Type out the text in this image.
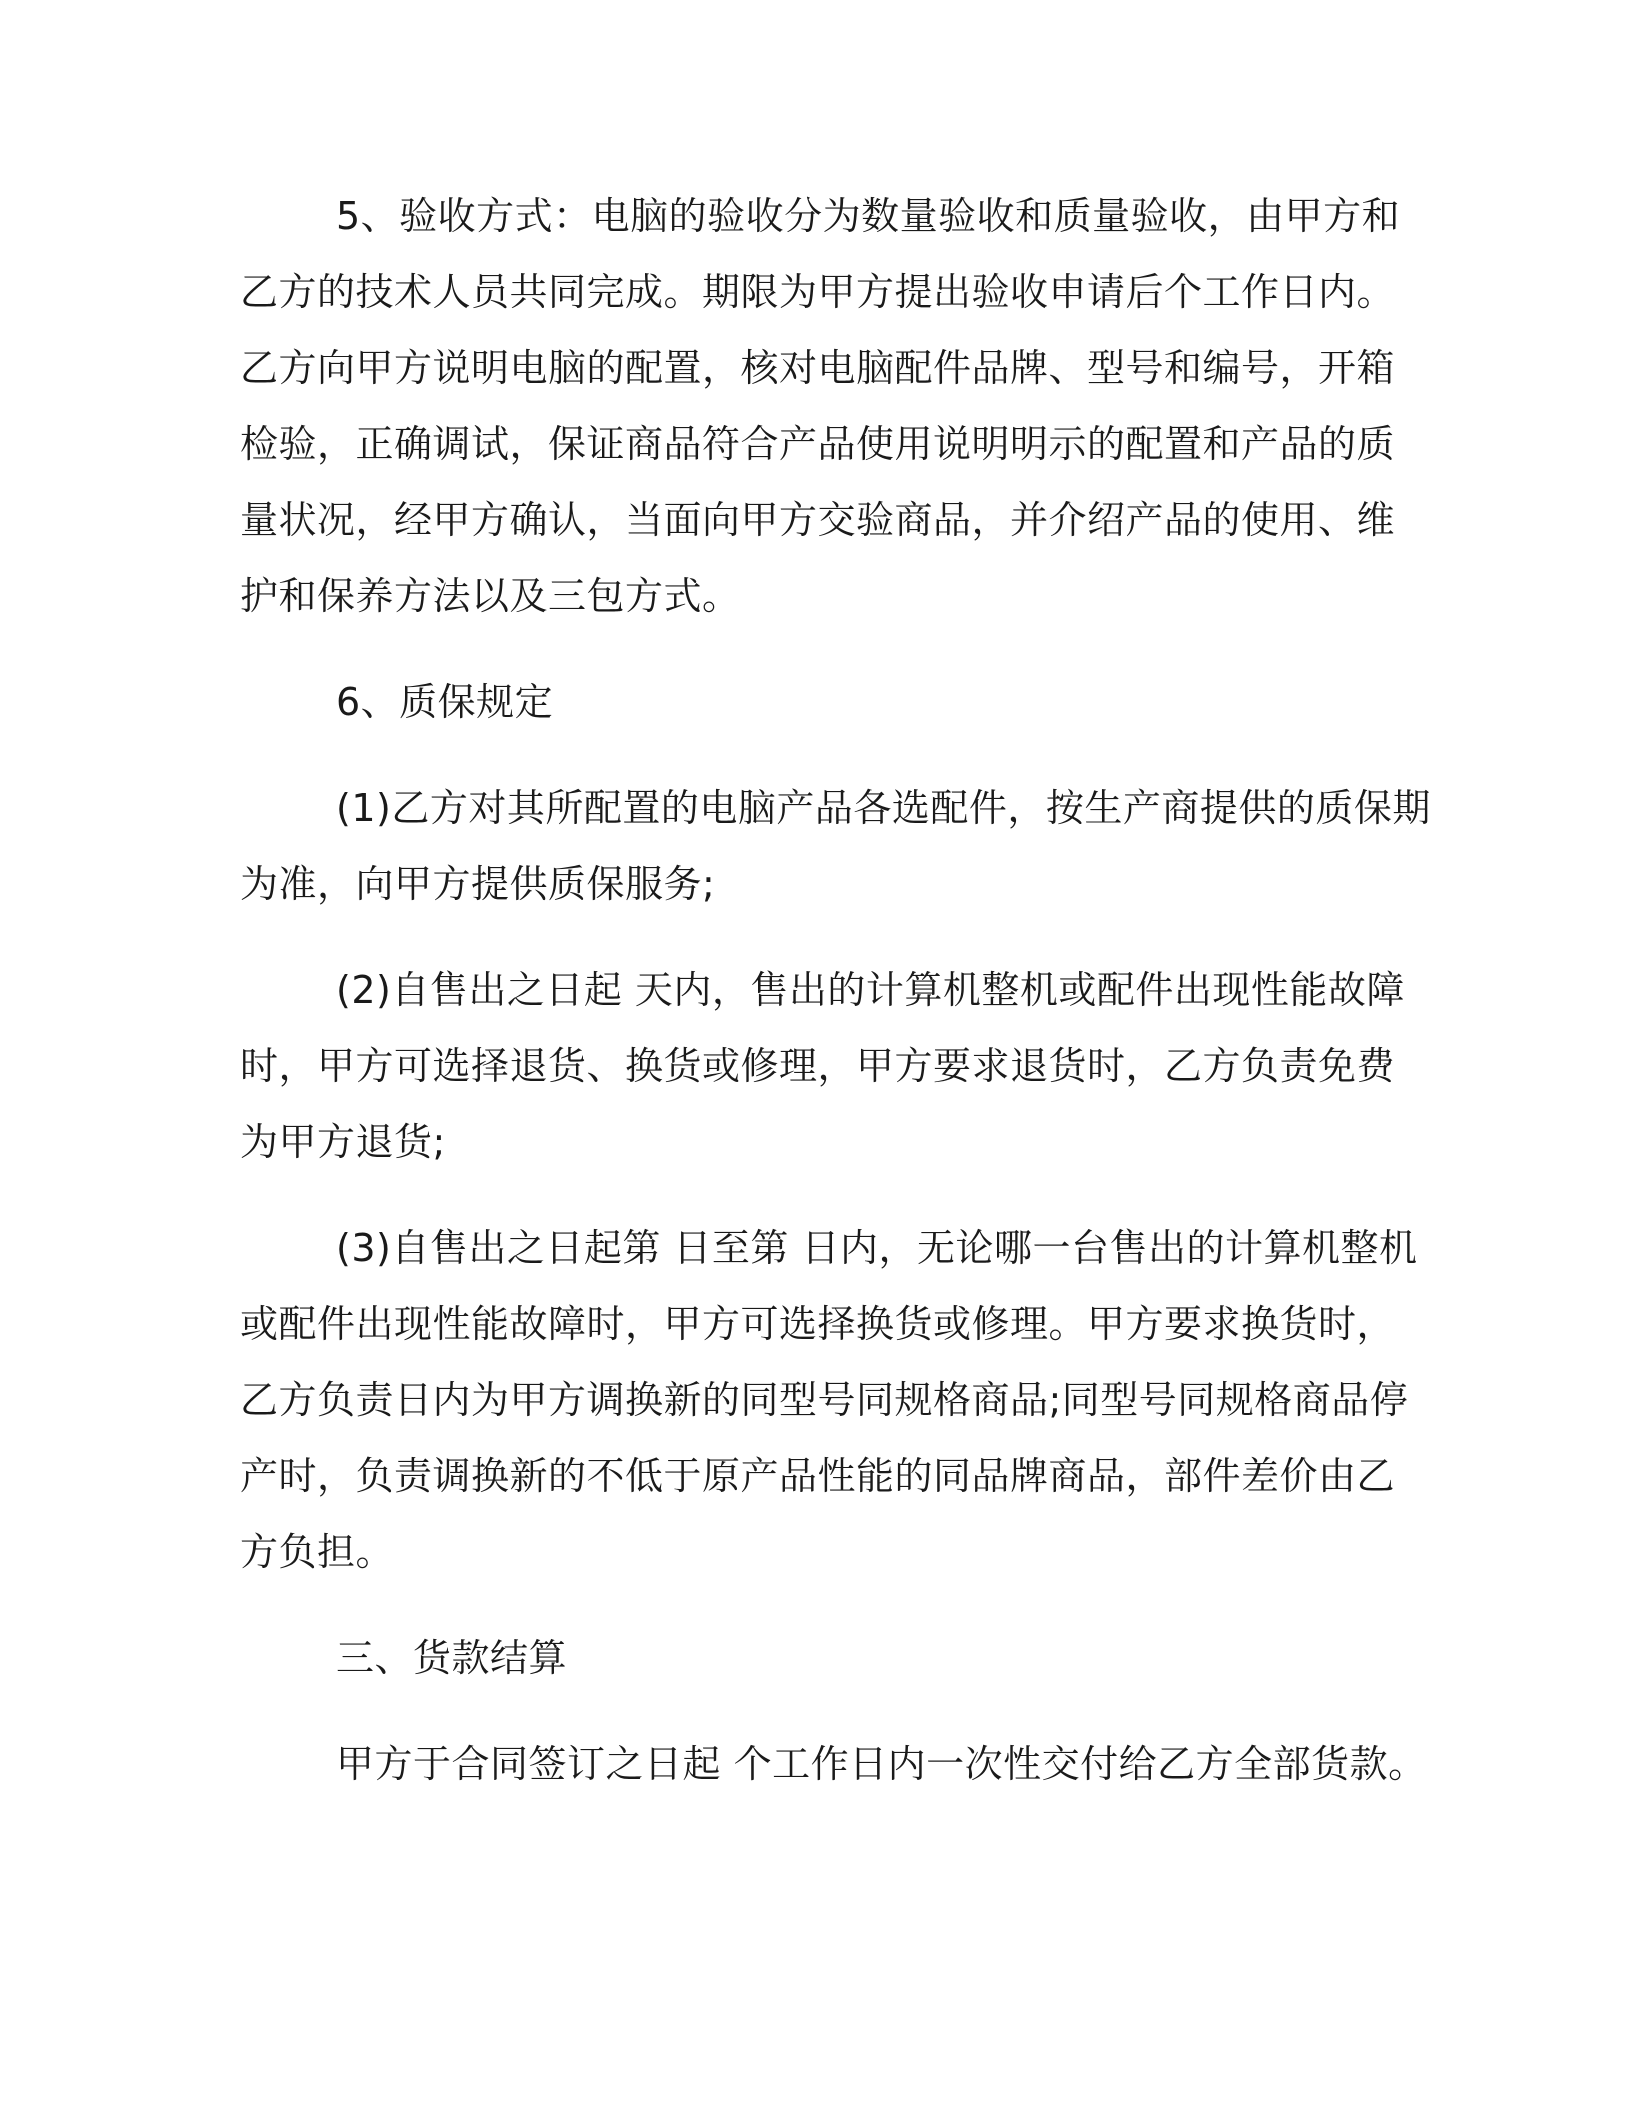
5、验收方式：电脑的验收分为数量验收和质量验收，由甲方和
乙方的技术人员共同完成。期限为甲方提出验收申请后个工作日内。
乙方向甲方说明电脑的配置，核对电脑配件品牌、型号和编号，开箱
检验，正确调试，保证商品符合产品使用说明明示的配置和产品的质
量状况，经甲方确认，当面向甲方交验商品，并介绍产品的使用、维
护和保养方法以及三包方式。
6、质保规定
(1)乙方对其所配置的电脑产品各选配件，按生产商提供的质保期
为准，向甲方提供质保服务;
(2)自售出之日起 天内，售出的计算机整机或配件出现性能故障
时，甲方可选择退货、换货或修理，甲方要求退货时，乙方负责免费
为甲方退货;
(3)自售出之日起第 日至第 日内，无论哪一台售出的计算机整机
或配件出现性能故障时，甲方可选择换货或修理。甲方要求换货时，
乙方负责日内为甲方调换新的同型号同规格商品;同型号同规格商品停
产时，负责调换新的不低于原产品性能的同品牌商品，部件差价由乙
方负担。
三、货款结算
甲方于合同签订之日起 个工作日内一次性交付给乙方全部货款。
